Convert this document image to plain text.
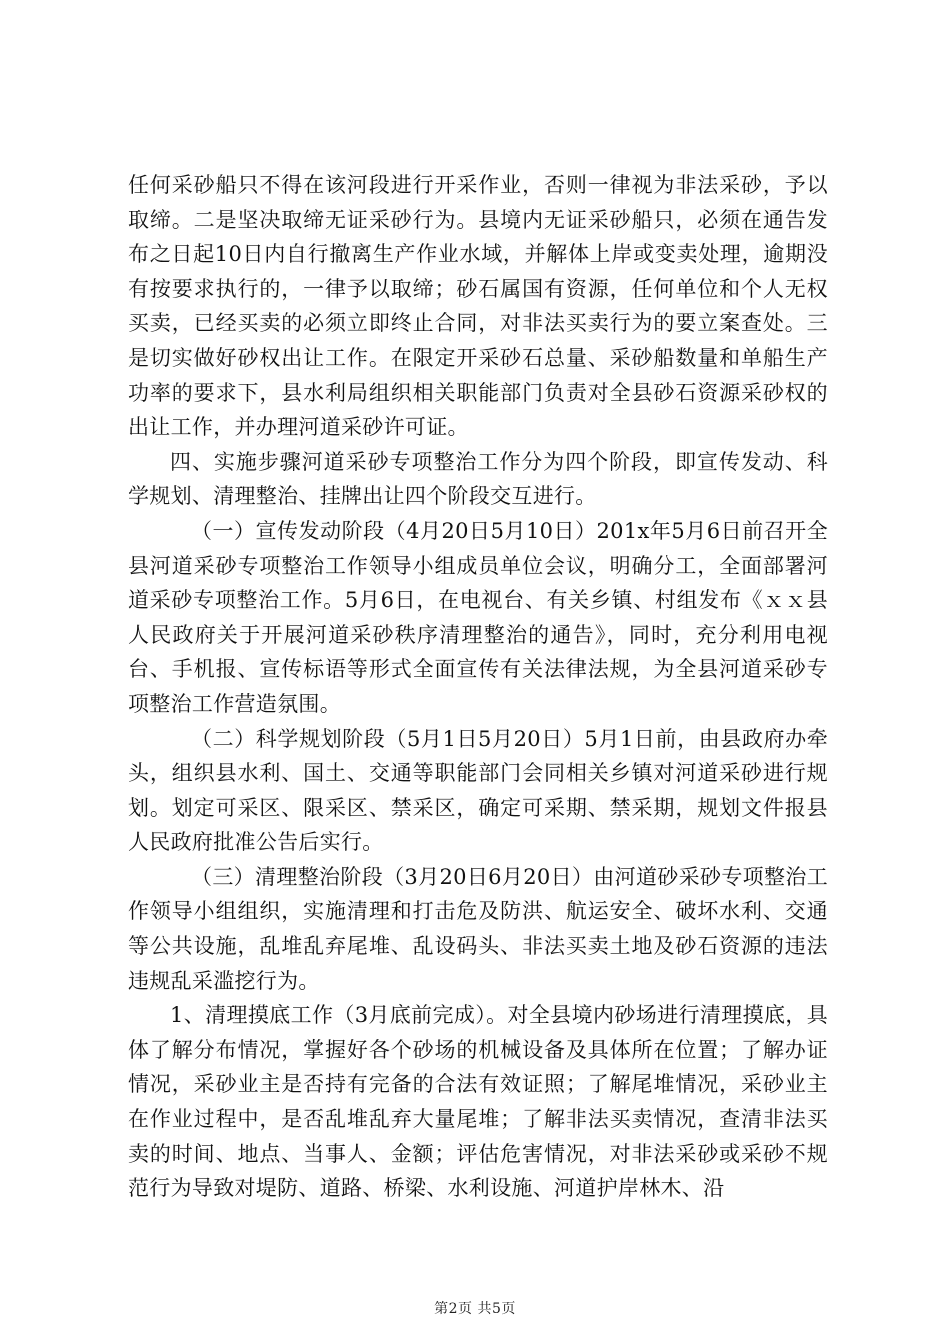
任何采砂船只不得在该河段进行开采作业，否则一律视为非法采砂，予以取缔。二是坚决取缔无证采砂行为。县境内无证采砂船只，必须在通告发布之日起10日内自行撤离生产作业水域，并解体上岸或变卖处理，逾期没有按要求执行的，一律予以取缔；砂石属国有资源，任何单位和个人无权买卖，已经买卖的必须立即终止合同，对非法买卖行为的要立案查处。三是切实做好砂权出让工作。在限定开采砂石总量、采砂船数量和单船生产功率的要求下，县水利局组织相关职能部门负责对全县砂石资源采砂权的出让工作，并办理河道采砂许可证。

四、实施步骤河道采砂专项整治工作分为四个阶段，即宣传发动、科学规划、清理整治、挂牌出让四个阶段交互进行。

（一）宣传发动阶段（4月20日5月10日）201x年5月6日前召开全县河道采砂专项整治工作领导小组成员单位会议，明确分工，全面部署河道采砂专项整治工作。5月6日，在电视台、有关乡镇、村组发布《ｘｘ县人民政府关于开展河道采砂秩序清理整治的通告》，同时，充分利用电视台、手机报、宣传标语等形式全面宣传有关法律法规，为全县河道采砂专项整治工作营造氛围。

（二）科学规划阶段（5月1日5月20日）5月1日前，由县政府办牵头，组织县水利、国土、交通等职能部门会同相关乡镇对河道采砂进行规划。划定可采区、限采区、禁采区，确定可采期、禁采期，规划文件报县人民政府批准公告后实行。

（三）清理整治阶段（3月20日6月20日）由河道砂采砂专项整治工作领导小组组织，实施清理和打击危及防洪、航运安全、破坏水利、交通等公共设施，乱堆乱弃尾堆、乱设码头、非法买卖土地及砂石资源的违法违规乱采滥挖行为。

1、清理摸底工作（3月底前完成）。对全县境内砂场进行清理摸底，具体了解分布情况，掌握好各个砂场的机械设备及具体所在位置；了解办证情况，采砂业主是否持有完备的合法有效证照；了解尾堆情况，采砂业主在作业过程中，是否乱堆乱弃大量尾堆；了解非法买卖情况，查清非法买卖的时间、地点、当事人、金额；评估危害情况，对非法采砂或采砂不规范行为导致对堤防、道路、桥梁、水利设施、河道护岸林木、沿

第2页 共5页
